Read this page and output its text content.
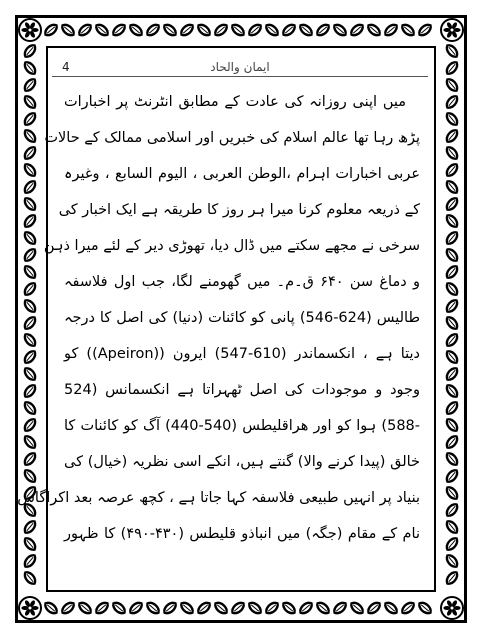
4	ایمان والحاد
میں اپنی روزانہ کی عادت کے مطابق انٹرنٹ پر اخبارات
پڑھ رہا تھا عالم اسلام کی خبریں اور اسلامی ممالک کے حالات
عربی اخبارات اہرام ،الوطن العربی ، الیوم السابع ، وغیرہ
کے ذریعہ معلوم کرنا میرا ہر روز کا طریقہ ہے ایک اخبار کی
سرخی نے مجھے سکتے میں ڈال دیا، تھوڑی دیر کے لئے میرا ذہن
و دماغ سن ۶۴۰ ق۔م۔ میں گھومنے لگا، جب اول فلاسفہ
طالیس (624-546) پانی کو کائنات (دنیا) کی اصل کا درجہ
دیتا ہے ، انکسماندر (610-547) ایرون ((Apeiron)) کو
وجود و موجودات کی اصل ٹھہراتا ہے انکسمانس (524
-588) ہوا کو اور ھراقلیطس (540-440) آگ کو کائنات کا
خالق (پیدا کرنے والا) گنتے ہیں، انکے اسی نظریہ (خیال) کی
بنیاد پر انہیں طبیعی فلاسفہ کہا جاتا ہے ، کچھ عرصہ بعد اکراگاس
نام کے مقام (جگہ) میں انباذو قلیطس (۴۳۰-۴۹۰) کا ظہور
